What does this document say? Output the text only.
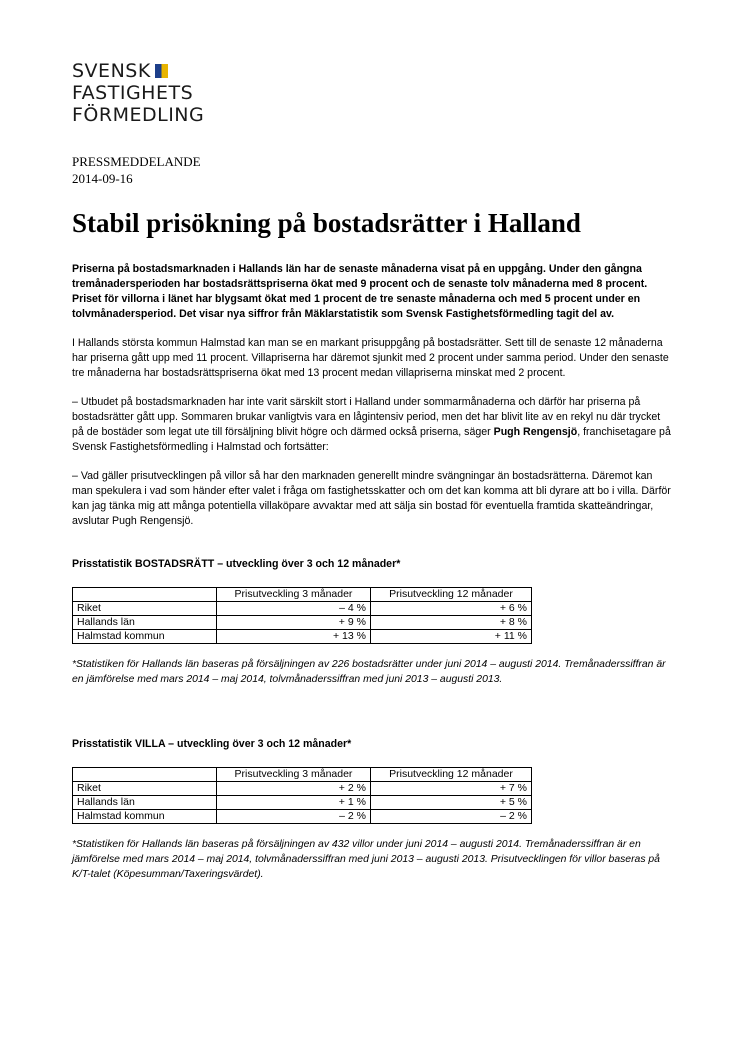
SVENSK
FASTIGHETS
FÖRMEDLING
PRESSMEDDELANDE
2014-09-16
Stabil prisökning på bostadsrätter i Halland

Priserna på bostadsmarknaden i Hallands län har de senaste månaderna visat på en uppgång. Under den gångna tremånadersperioden har bostadsrättspriserna ökat med 9 procent och de senaste tolv månaderna med 8 procent. Priset för villorna i länet har blygsamt ökat med 1 procent de tre senaste månaderna och med 5 procent under en tolvmånadersperiod. Det visar nya siffror från Mäklarstatistik som Svensk Fastighetsförmedling tagit del av.

I Hallands största kommun Halmstad kan man se en markant prisuppgång på bostadsrätter. Sett till de senaste 12 månaderna har priserna gått upp med 11 procent. Villapriserna har däremot sjunkit med 2 procent under samma period. Under den senaste tre månaderna har bostadsrättspriserna ökat med 13 procent medan villapriserna minskat med 2 procent.

– Utbudet på bostadsmarknaden har inte varit särskilt stort i Halland under sommarmånaderna och därför har priserna på bostadsrätter gått upp. Sommaren brukar vanligtvis vara en lågintensiv period, men det har blivit lite av en rekyl nu där trycket på de bostäder som legat ute till försäljning blivit högre och därmed också priserna, säger Pugh Rengensjö, franchisetagare på Svensk Fastighetsförmedling i Halmstad och fortsätter:

– Vad gäller prisutvecklingen på villor så har den marknaden generellt mindre svängningar än bostadsrätterna. Däremot kan man spekulera i vad som händer efter valet i fråga om fastighetsskatter och om det kan komma att bli dyrare att bo i villa. Därför kan jag tänka mig att många potentiella villaköpare avvaktar med att sälja sin bostad för eventuella framtida skatteändringar, avslutar Pugh Rengensjö.

Prisstatistik BOSTADSRÄTT – utveckling över 3 och 12 månader*
	Prisutveckling 3 månader	Prisutveckling 12 månader
Riket	– 4 %	+ 6 %
Hallands län	+ 9 %	+ 8 %
Halmstad kommun	+ 13 %	+ 11 %

*Statistiken för Hallands län baseras på försäljningen av 226 bostadsrätter under juni 2014 – augusti 2014. Tremånaderssiffran är en jämförelse med mars 2014 – maj 2014, tolvmånaderssiffran med juni 2013 – augusti 2013.

Prisstatistik VILLA – utveckling över 3 och 12 månader*
	Prisutveckling 3 månader	Prisutveckling 12 månader
Riket	+ 2 %	+ 7 %
Hallands län	+ 1 %	+ 5 %
Halmstad kommun	– 2 %	– 2 %

*Statistiken för Hallands län baseras på försäljningen av 432 villor under juni 2014 – augusti 2014. Tremånaderssiffran är en jämförelse med mars 2014 – maj 2014, tolvmånaderssiffran med juni 2013 – augusti 2013. Prisutvecklingen för villor baseras på K/T-talet (Köpesumman/Taxeringsvärdet).
